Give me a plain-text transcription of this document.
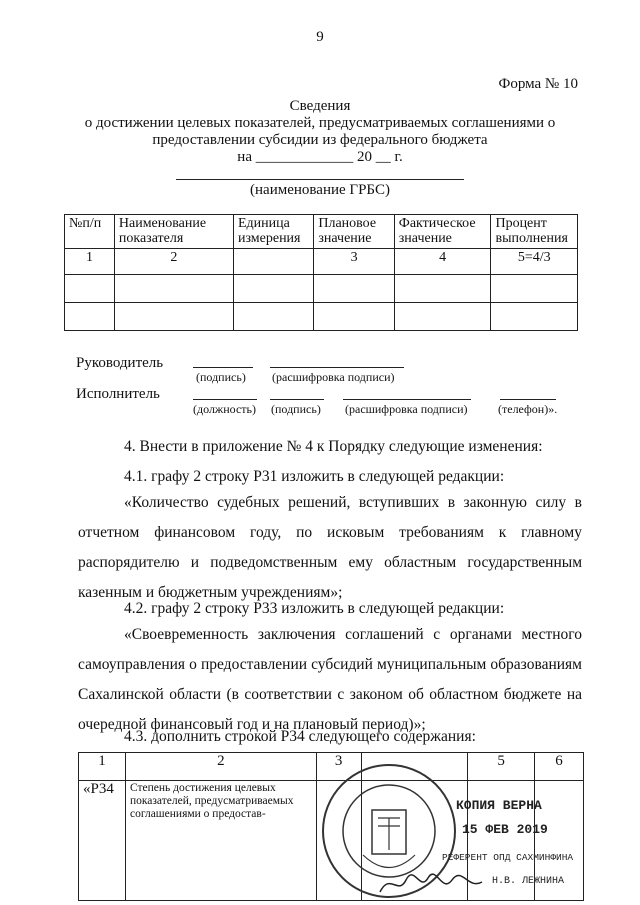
9
Форма № 10
Сведения
о достижении целевых показателей, предусматриваемых соглашениями о
предоставлении субсидии из федерального бюджета
на _____________ 20 __ г.
(наименование ГРБС)
№п/п	Наименование показателя	Единица измерения	Плановое значение	Фактическое значение	Процент выполнения
1	2		3	4	5=4/3

Руководитель
(подпись) (расшифровка подписи)
Исполнитель
(должность) (подпись) (расшифровка подписи)	(телефон)».
4. Внести в приложение № 4 к Порядку следующие изменения:
4.1. графу 2 строку Р31 изложить в следующей редакции:
«Количество судебных решений, вступивших в законную силу в отчетном финансовом году, по исковым требованиям к главному распорядителю и подведомственным ему областным государственным казенным и бюджетным учреждениям»;
4.2. графу 2 строку Р33 изложить в следующей редакции:
«Своевременность заключения соглашений с органами местного самоуправления о предоставлении субсидий муниципальным образованиям Сахалинской области (в соответствии с законом об областном бюджете на очередной финансовый год и на плановый период)»;
4.3. дополнить строкой Р34 следующего содержания:
1	2	3		5	6
«Р34	Степень достижения целевых показателей, предусматриваемых соглашениями о предостав-				
КОПИЯ ВЕРНА
15 ФЕВ 2019
РЕФЕРЕНТ ОПД САХМИНФИНА
Н.В. ЛЕЖНИНА
